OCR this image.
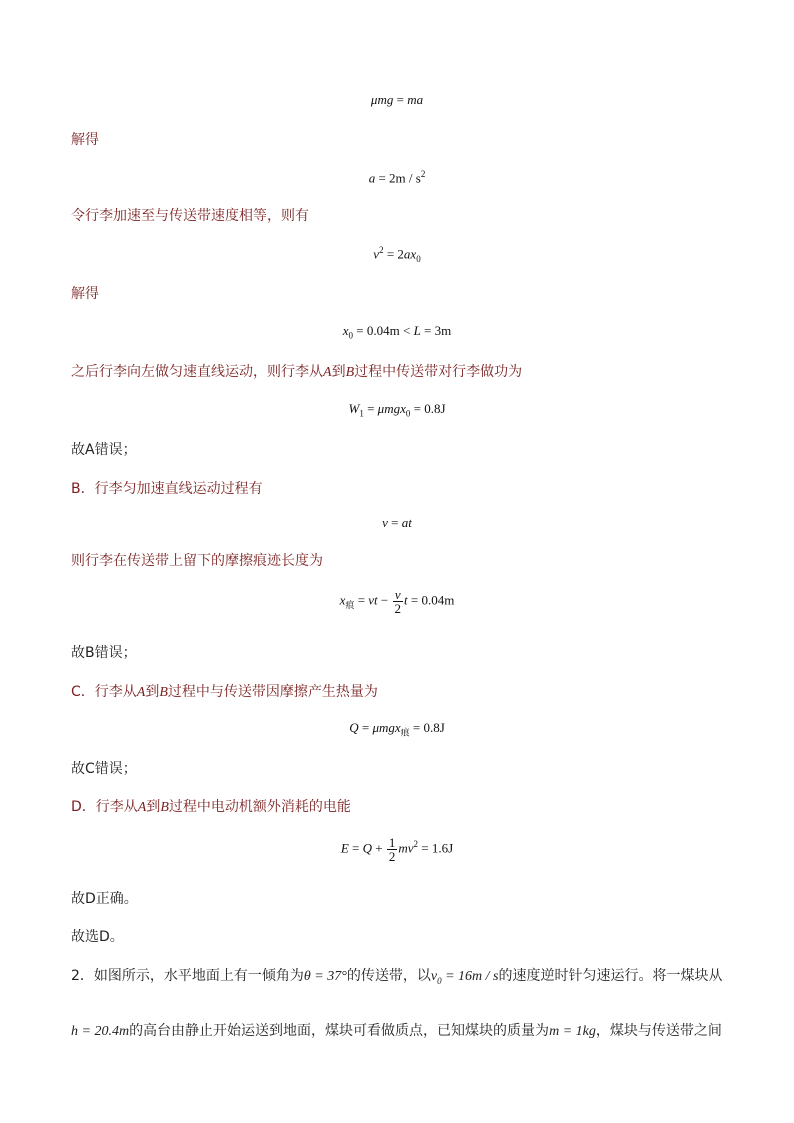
μmg = ma
解得
$a = 2m / s^2$
令行李加速至与传送带速度相等，则有
$v^2 = 2ax_0$
解得
$x_0 = 0.04m < L = 3m$
之后行李向左做匀速直线运动，则行李从A到B过程中传送带对行李做功为
$W_1 = \mu mgx_0 = 0.8J$
故A错误；
B．行李匀加速直线运动过程有
v = at
则行李在传送带上留下的摩擦痕迹长度为
$x_痕$ = vt − $\frac{v}{2}$ t = 0.04m
故B错误；
C．行李从A到B过程中与传送带因摩擦产生热量为
Q = μmgx$_痕$ = 0.8J
故C错误；
D．行李从A到B过程中电动机额外消耗的电能
$E = Q + \frac{1}{2} mv^2 = 1.6J$
故D正确。
故选D。
2．如图所示，水平地面上有一倾角为θ = 37°的传送带，以$v_0 = 16m / s$的速度逆时针匀速运行。将一煤块从
h = 20.4m的高台由静止开始运送到地面，煤块可看做质点，已知煤块的质量为m = 1kg，煤块与传送带之间
